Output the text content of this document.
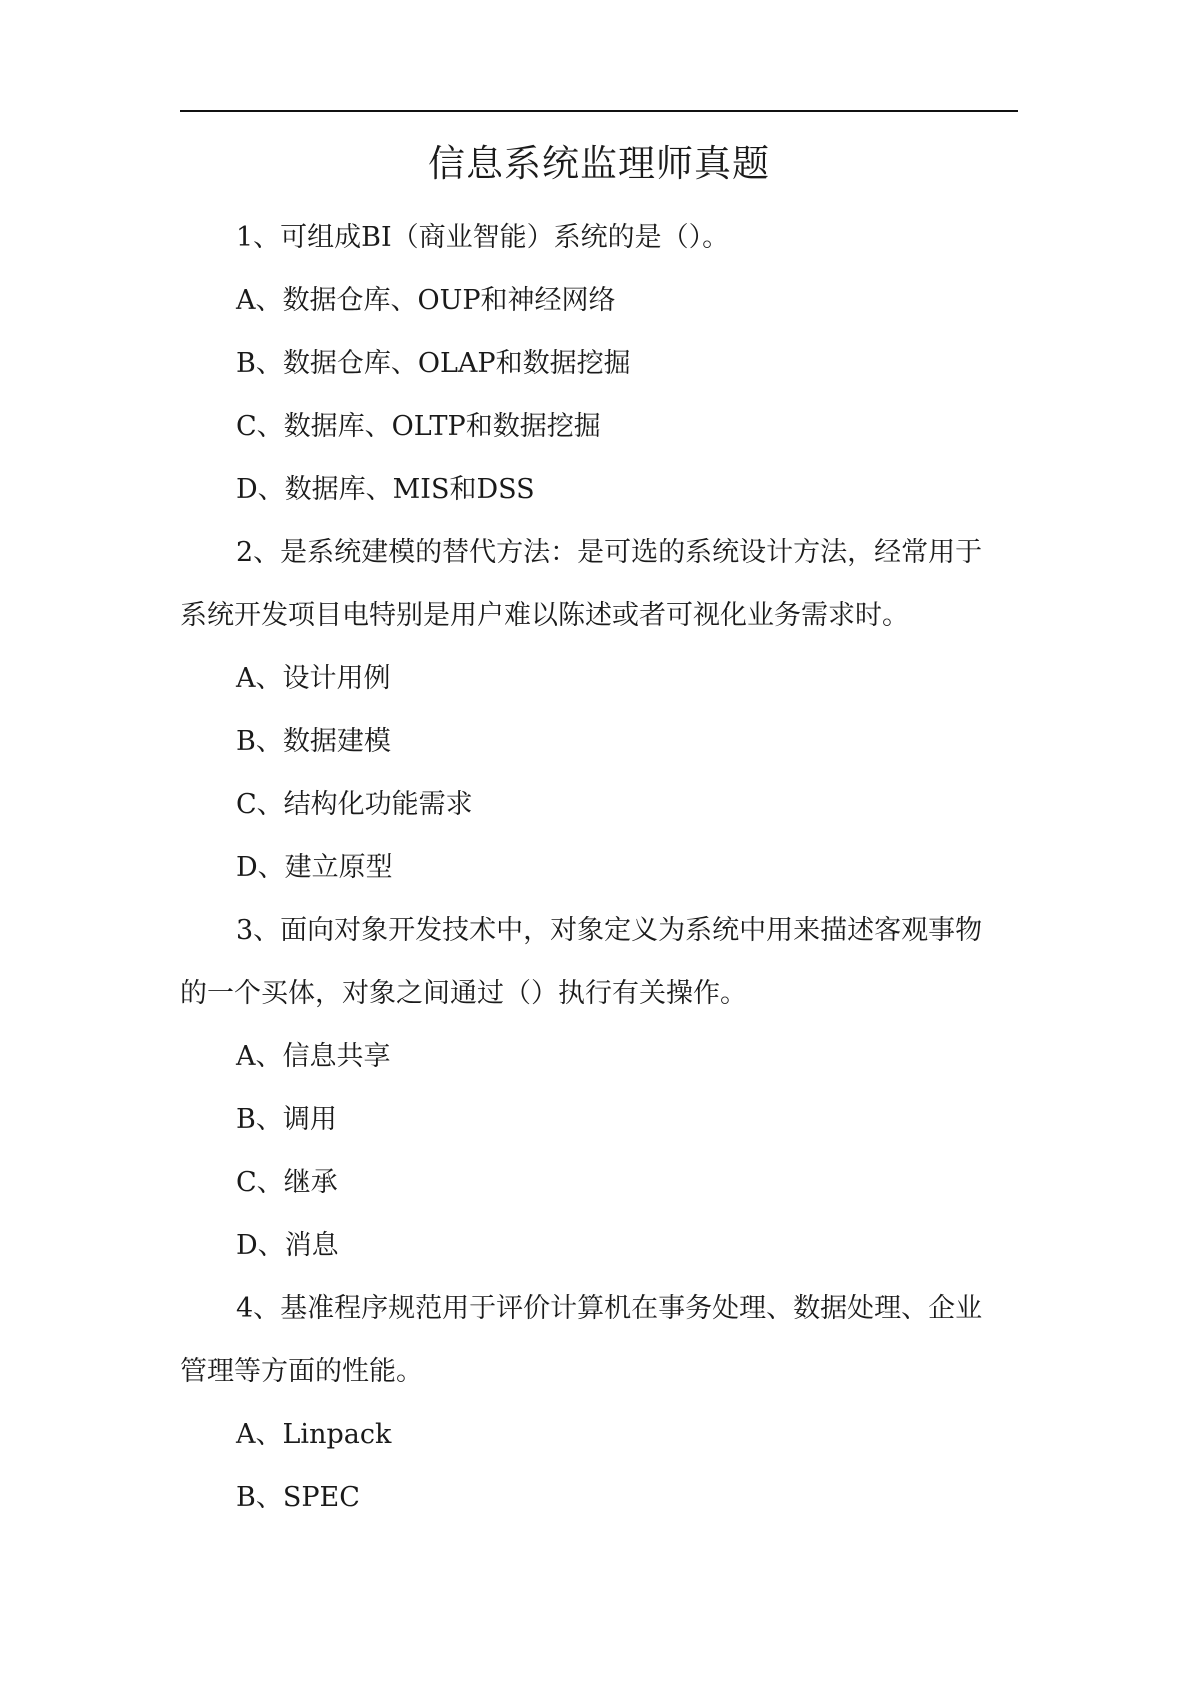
信息系统监理师真题
1、可组成BI（商业智能）系统的是（）。
A、数据仓库、OUP和神经网络
B、数据仓库、OLAP和数据挖掘
C、数据库、OLTP和数据挖掘
D、数据库、MIS和DSS
2、是系统建模的替代方法：是可选的系统设计方法，经常用于
系统开发项目电特别是用户难以陈述或者可视化业务需求时。
A、设计用例
B、数据建模
C、结构化功能需求
D、建立原型
3、面向对象开发技术中，对象定义为系统中用来描述客观事物
的一个买体，对象之间通过（）执行有关操作。
A、信息共享
B、调用
C、继承
D、消息
4、基准程序规范用于评价计算机在事务处理、数据处理、企业
管理等方面的性能。
A、Linpack
B、SPEC
